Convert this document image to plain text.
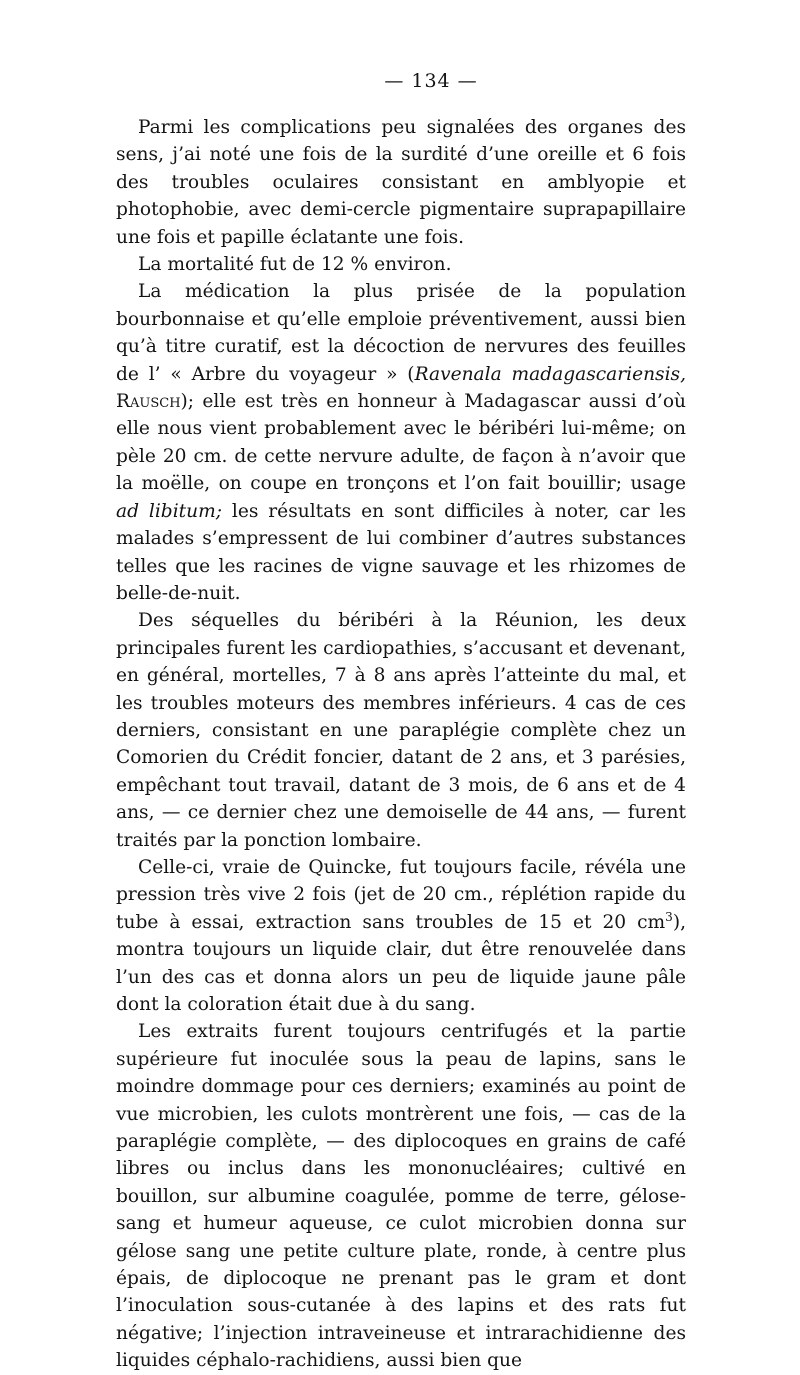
— 134 —

Parmi les complications peu signalées des organes des sens, j’ai noté une fois de la surdité d’une oreille et 6 fois des troubles oculaires consistant en amblyopie et photophobie, avec demi-cercle pigmentaire suprapapillaire une fois et papille éclatante une fois.

La mortalité fut de 12 % environ.

La médication la plus prisée de la population bourbonnaise et qu’elle emploie préventivement, aussi bien qu’à titre curatif, est la décoction de nervures des feuilles de l’ « Arbre du voyageur » (Ravenala madagascariensis, Rausch); elle est très en honneur à Madagascar aussi d’où elle nous vient probablement avec le béribéri lui-même; on pèle 20 cm. de cette nervure adulte, de façon à n’avoir que la moëlle, on coupe en tronçons et l’on fait bouillir; usage ad libitum; les résultats en sont difficiles à noter, car les malades s’empressent de lui combiner d’autres substances telles que les racines de vigne sauvage et les rhizomes de belle-de-nuit.

Des séquelles du béribéri à la Réunion, les deux principales furent les cardiopathies, s’accusant et devenant, en général, mortelles, 7 à 8 ans après l’atteinte du mal, et les troubles moteurs des membres inférieurs. 4 cas de ces derniers, consistant en une paraplégie complète chez un Comorien du Crédit foncier, datant de 2 ans, et 3 parésies, empêchant tout travail, datant de 3 mois, de 6 ans et de 4 ans, — ce dernier chez une demoiselle de 44 ans, — furent traités par la ponction lombaire.

Celle-ci, vraie de Quincke, fut toujours facile, révéla une pression très vive 2 fois (jet de 20 cm., réplétion rapide du tube à essai, extraction sans troubles de 15 et 20 $cm^3$), montra toujours un liquide clair, dut être renouvelée dans l’un des cas et donna alors un peu de liquide jaune pâle dont la coloration était due à du sang.

Les extraits furent toujours centrifugés et la partie supérieure fut inoculée sous la peau de lapins, sans le moindre dommage pour ces derniers; examinés au point de vue microbien, les culots montrèrent une fois, — cas de la paraplégie complète, — des diplocoques en grains de café libres ou inclus dans les mononucléaires; cultivé en bouillon, sur albumine coagulée, pomme de terre, gélose-sang et humeur aqueuse, ce culot microbien donna sur gélose sang une petite culture plate, ronde, à centre plus épais, de diplocoque ne prenant pas le gram et dont l’inoculation sous-cutanée à des lapins et des rats fut négative; l’injection intraveineuse et intrarachidienne des liquides céphalo-rachidiens, aussi bien que
